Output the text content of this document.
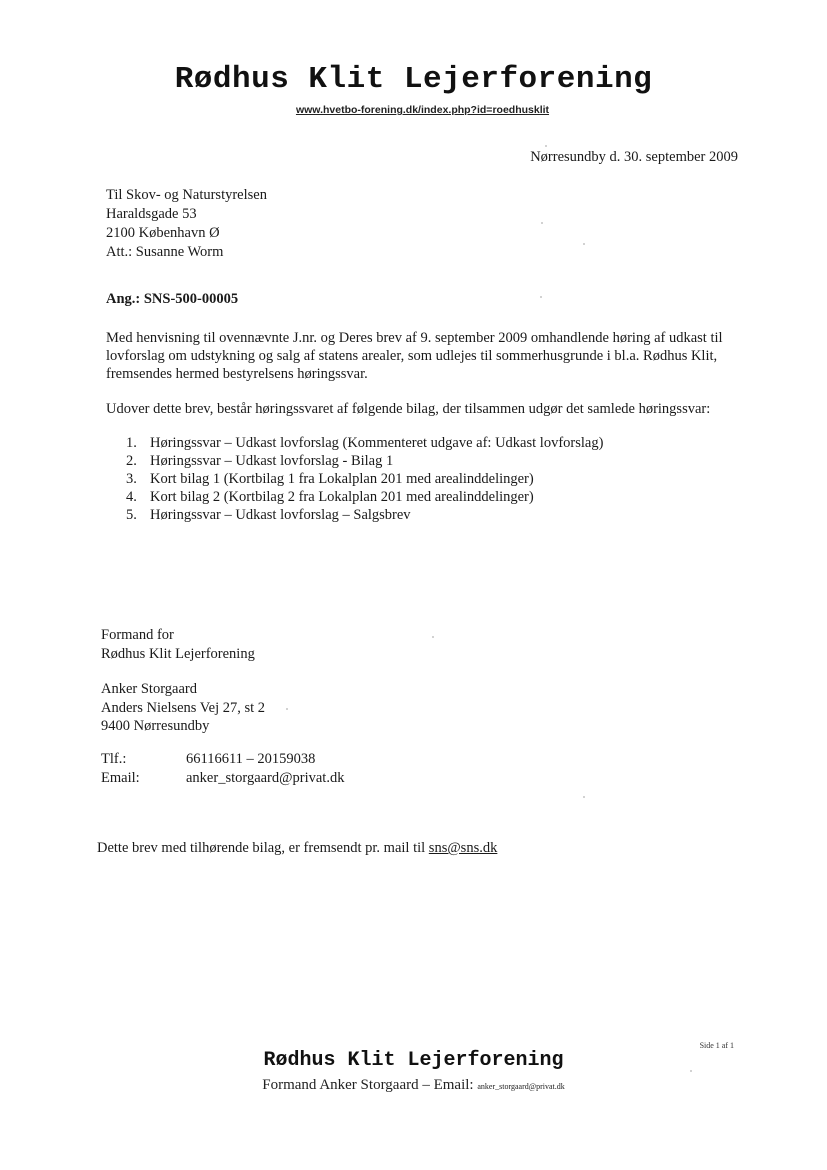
Rødhus Klit Lejerforening
www.hvetbo-forening.dk/index.php?id=roedhusklit
Nørresundby d. 30. september 2009
Til Skov- og Naturstyrelsen
Haraldsgade 53
2100 København Ø
Att.: Susanne Worm
Ang.: SNS-500-00005
Med henvisning til ovennævnte J.nr. og Deres brev af 9. september 2009 omhandlende høring af udkast til lovforslag om udstykning og salg af statens arealer, som udlejes til sommerhusgrunde i bl.a. Rødhus Klit, fremsendes hermed bestyrelsens høringssvar.
Udover dette brev, består høringssvaret af følgende bilag, der tilsammen udgør det samlede høringssvar:
1. Høringssvar – Udkast lovforslag (Kommenteret udgave af: Udkast lovforslag)
2. Høringssvar – Udkast lovforslag - Bilag 1
3. Kort bilag 1 (Kortbilag 1 fra Lokalplan 201 med arealinddelinger)
4. Kort bilag 2 (Kortbilag 2 fra Lokalplan 201 med arealinddelinger)
5. Høringssvar – Udkast lovforslag – Salgsbrev
Formand for
Rødhus Klit Lejerforening
Anker Storgaard
Anders Nielsens Vej 27, st 2
9400 Nørresundby
Tlf.:	66116611 – 20159038
Email:	anker_storgaard@privat.dk
Dette brev med tilhørende bilag, er fremsendt pr. mail til sns@sns.dk
Side 1 af 1
Rødhus Klit Lejerforening
Formand Anker Storgaard – Email: anker_storgaard@privat.dk
